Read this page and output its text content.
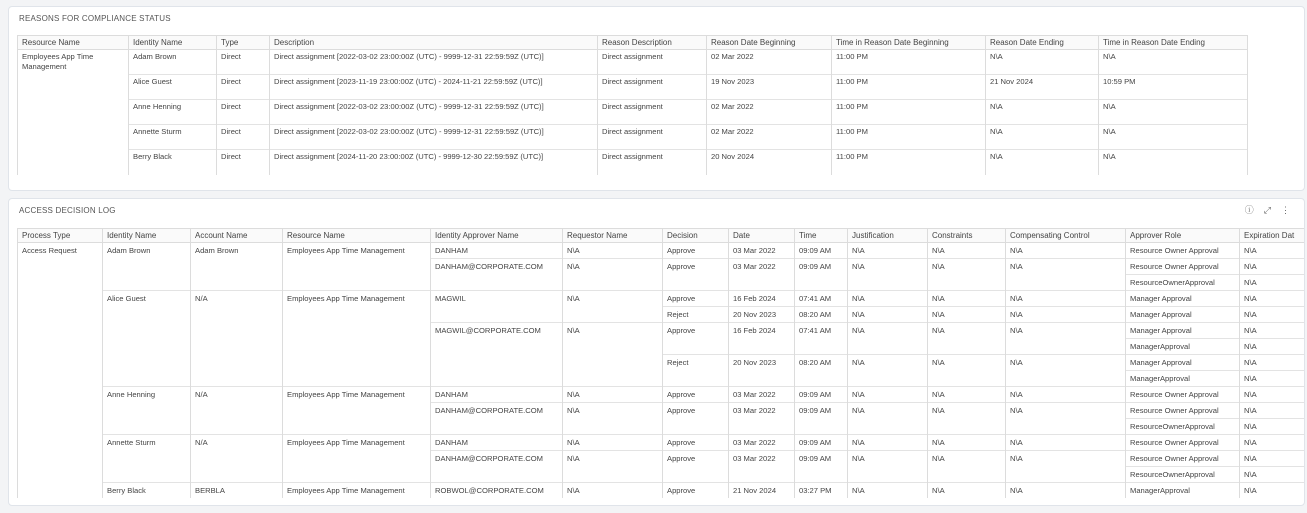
REASONS FOR COMPLIANCE STATUS
Resource Name	Identity Name	Type	Description	Reason Description	Reason Date Beginning	Time in Reason Date Beginning	Reason Date Ending	Time in Reason Date Ending
Employees App Time Management	Adam Brown	Direct	Direct assignment [2022-03-02 23:00:00Z (UTC) - 9999-12-31 22:59:59Z (UTC)]	Direct assignment	02 Mar 2022	11:00 PM	N\A	N\A
	Alice Guest	Direct	Direct assignment [2023-11-19 23:00:00Z (UTC) - 2024-11-21 22:59:59Z (UTC)]	Direct assignment	19 Nov 2023	11:00 PM	21 Nov 2024	10:59 PM
	Anne Henning	Direct	Direct assignment [2022-03-02 23:00:00Z (UTC) - 9999-12-31 22:59:59Z (UTC)]	Direct assignment	02 Mar 2022	11:00 PM	N\A	N\A
	Annette Sturm	Direct	Direct assignment [2022-03-02 23:00:00Z (UTC) - 9999-12-31 22:59:59Z (UTC)]	Direct assignment	02 Mar 2022	11:00 PM	N\A	N\A
	Berry Black	Direct	Direct assignment [2024-11-20 23:00:00Z (UTC) - 9999-12-30 22:59:59Z (UTC)]	Direct assignment	20 Nov 2024	11:00 PM	N\A	N\A
ACCESS DECISION LOG	ⓘ ⤢ ⋮
Process Type	Identity Name	Account Name	Resource Name	Identity Approver Name	Requestor Name	Decision	Date	Time	Justification	Constraints	Compensating Control	Approver Role	Expiration Dat
Access Request	Adam Brown	Adam Brown	Employees App Time Management	DANHAM	N\A	Approve	03 Mar 2022	09:09 AM	N\A	N\A	N\A	Resource Owner Approval	N\A
				DANHAM@CORPORATE.COM	N\A	Approve	03 Mar 2022	09:09 AM	N\A	N\A	N\A	Resource Owner Approval	N\A
												ResourceOwnerApproval	N\A
	Alice Guest	N/A	Employees App Time Management	MAGWIL	N\A	Approve	16 Feb 2024	07:41 AM	N\A	N\A	N\A	Manager Approval	N\A
						Reject	20 Nov 2023	08:20 AM	N\A	N\A	N\A	Manager Approval	N\A
				MAGWIL@CORPORATE.COM	N\A	Approve	16 Feb 2024	07:41 AM	N\A	N\A	N\A	Manager Approval	N\A
												ManagerApproval	N\A
						Reject	20 Nov 2023	08:20 AM	N\A	N\A	N\A	Manager Approval	N\A
												ManagerApproval	N\A
	Anne Henning	N/A	Employees App Time Management	DANHAM	N\A	Approve	03 Mar 2022	09:09 AM	N\A	N\A	N\A	Resource Owner Approval	N\A
				DANHAM@CORPORATE.COM	N\A	Approve	03 Mar 2022	09:09 AM	N\A	N\A	N\A	Resource Owner Approval	N\A
												ResourceOwnerApproval	N\A
	Annette Sturm	N/A	Employees App Time Management	DANHAM	N\A	Approve	03 Mar 2022	09:09 AM	N\A	N\A	N\A	Resource Owner Approval	N\A
				DANHAM@CORPORATE.COM	N\A	Approve	03 Mar 2022	09:09 AM	N\A	N\A	N\A	Resource Owner Approval	N\A
												ResourceOwnerApproval	N\A
	Berry Black	BERBLA	Employees App Time Management	ROBWOL@CORPORATE.COM	N\A	Approve	21 Nov 2024	03:27 PM	N\A	N\A	N\A	ManagerApproval	N\A
